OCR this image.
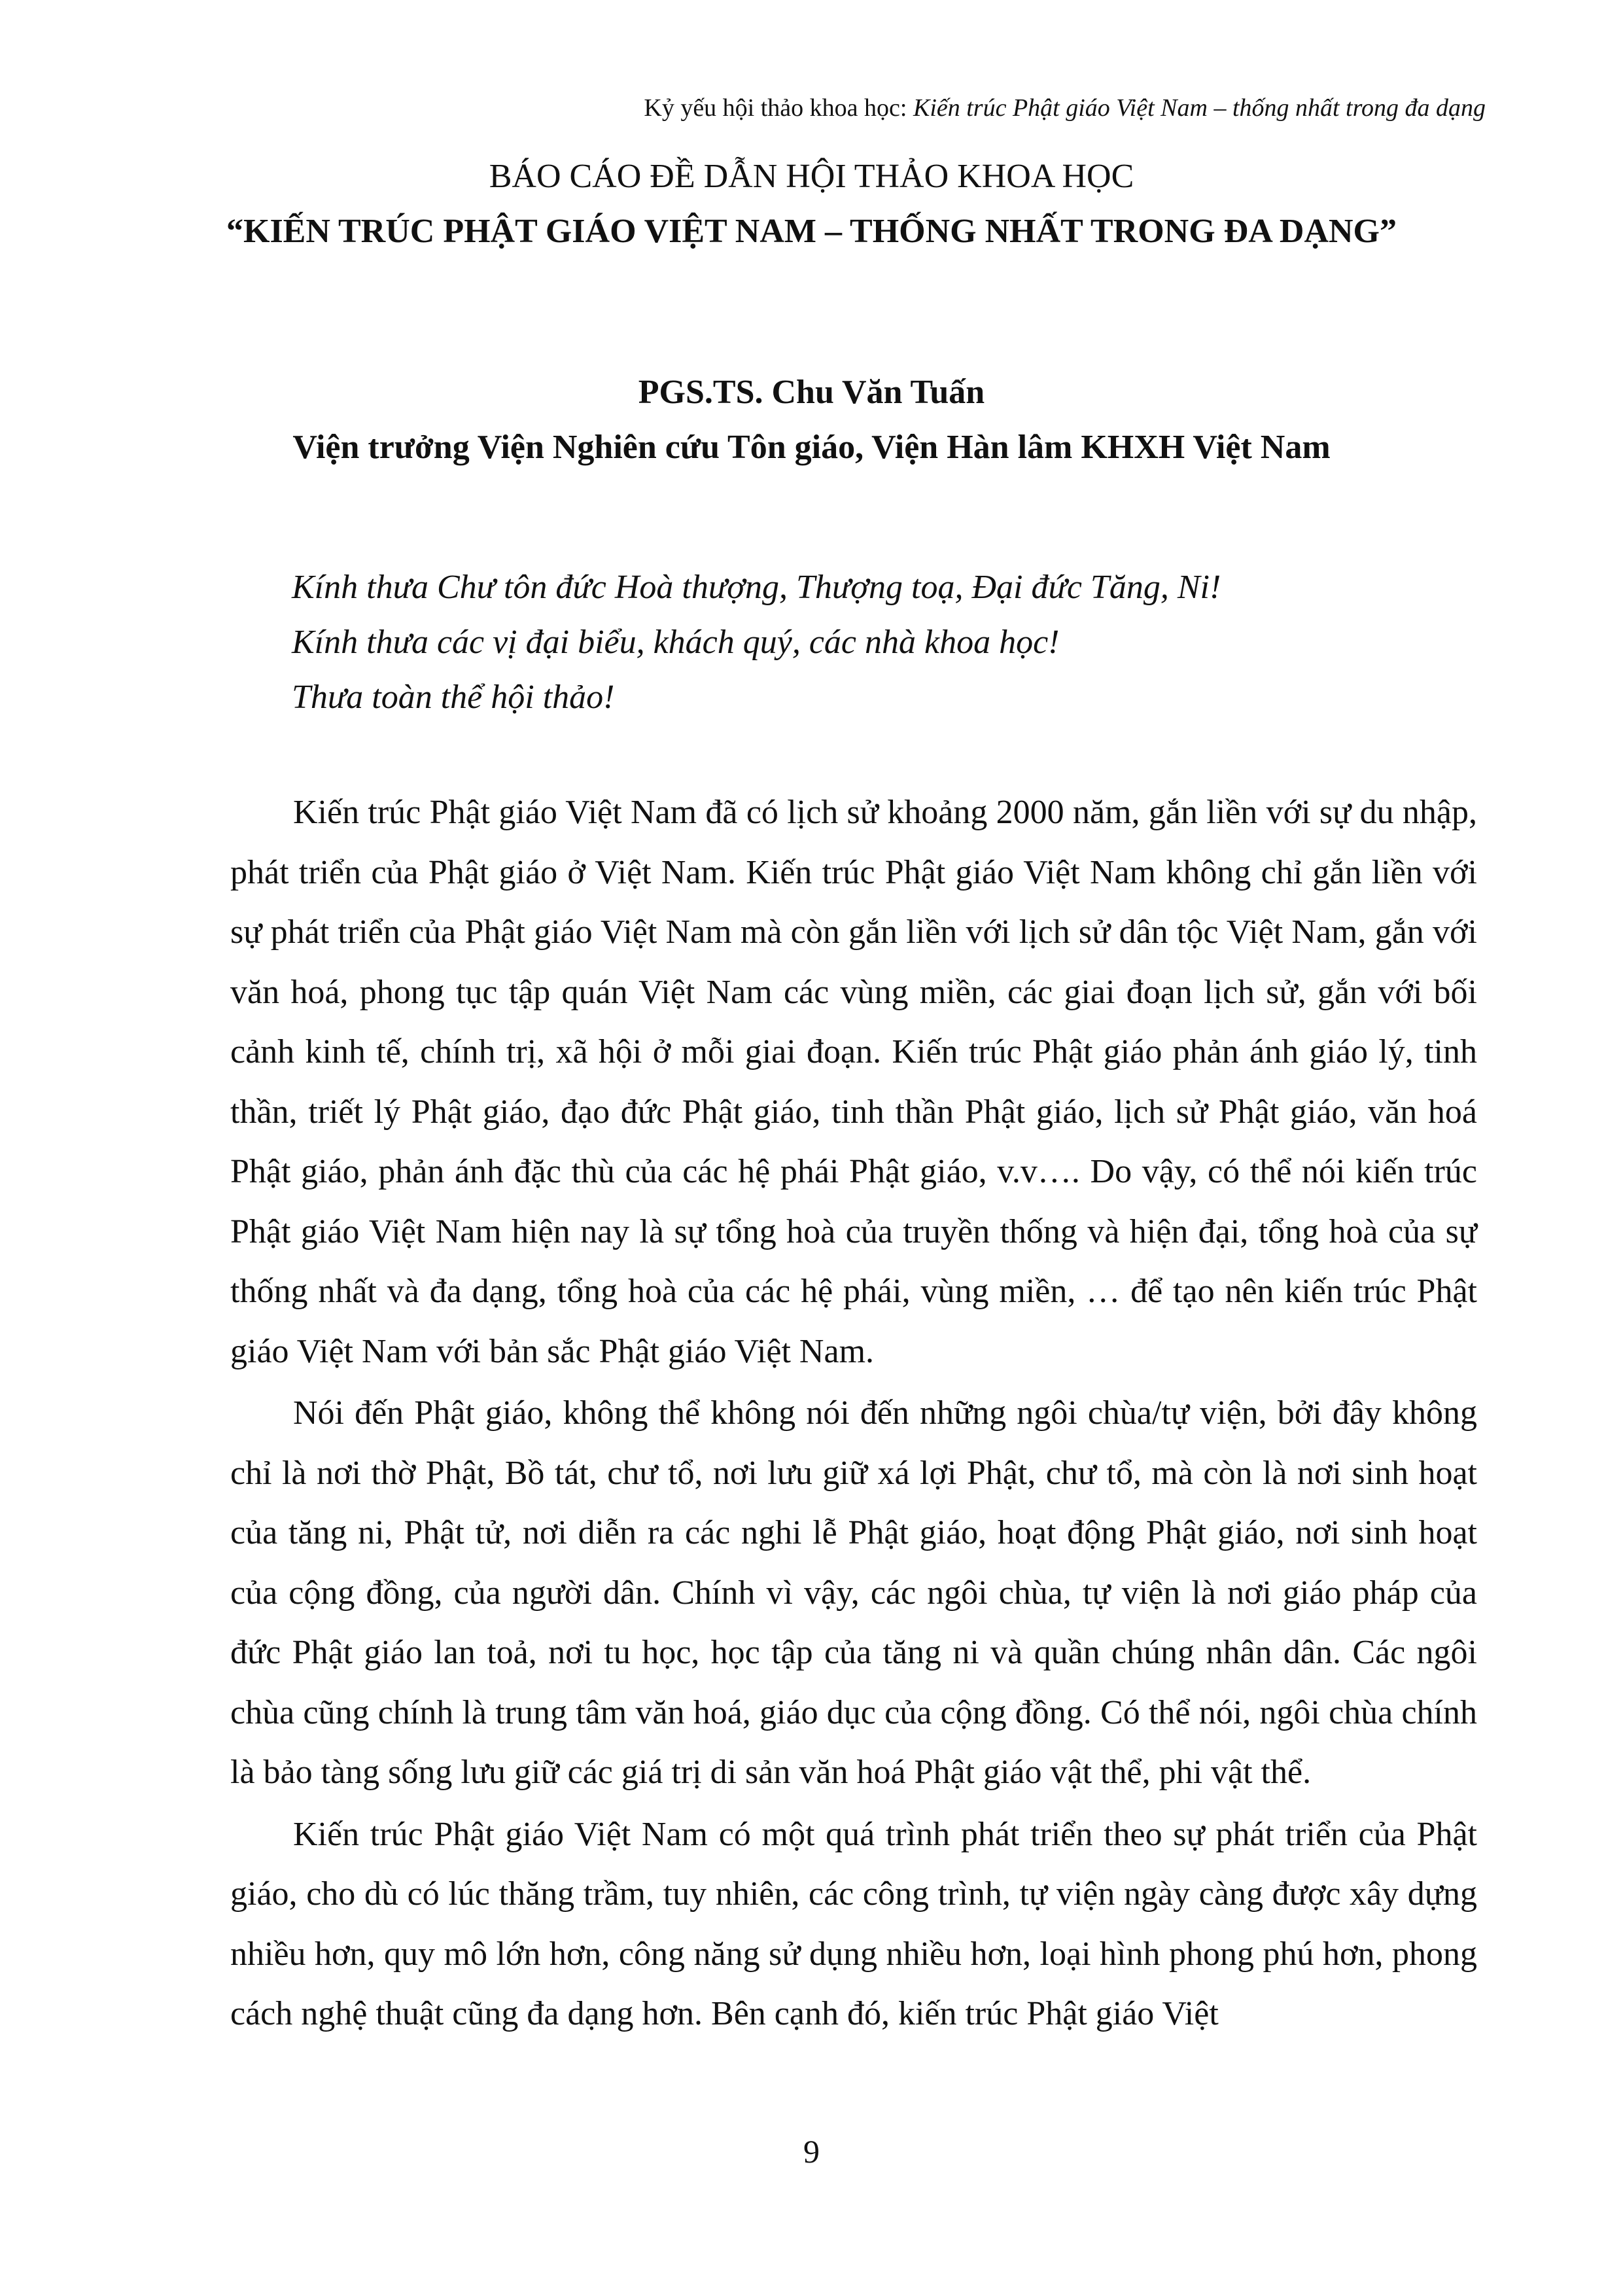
Kỷ yếu hội thảo khoa học: Kiến trúc Phật giáo Việt Nam – thống nhất trong đa dạng
BÁO CÁO ĐỀ DẪN HỘI THẢO KHOA HỌC
“KIẾN TRÚC PHẬT GIÁO VIỆT NAM – THỐNG NHẤT TRONG ĐA DẠNG”
PGS.TS. Chu Văn Tuấn
Viện trưởng Viện Nghiên cứu Tôn giáo, Viện Hàn lâm KHXH Việt Nam
Kính thưa Chư tôn đức Hoà thượng, Thượng toạ, Đại đức Tăng, Ni!
Kính thưa các vị đại biểu, khách quý, các nhà khoa học!
Thưa toàn thể hội thảo!

Kiến trúc Phật giáo Việt Nam đã có lịch sử khoảng 2000 năm, gắn liền với sự du nhập, phát triển của Phật giáo ở Việt Nam. Kiến trúc Phật giáo Việt Nam không chỉ gắn liền với sự phát triển của Phật giáo Việt Nam mà còn gắn liền với lịch sử dân tộc Việt Nam, gắn với văn hoá, phong tục tập quán Việt Nam các vùng miền, các giai đoạn lịch sử, gắn với bối cảnh kinh tế, chính trị, xã hội ở mỗi giai đoạn. Kiến trúc Phật giáo phản ánh giáo lý, tinh thần, triết lý Phật giáo, đạo đức Phật giáo, tinh thần Phật giáo, lịch sử Phật giáo, văn hoá Phật giáo, phản ánh đặc thù của các hệ phái Phật giáo, v.v…. Do vậy, có thể nói kiến trúc Phật giáo Việt Nam hiện nay là sự tổng hoà của truyền thống và hiện đại, tổng hoà của sự thống nhất và đa dạng, tổng hoà của các hệ phái, vùng miền, … để tạo nên kiến trúc Phật giáo Việt Nam với bản sắc Phật giáo Việt Nam.

Nói đến Phật giáo, không thể không nói đến những ngôi chùa/tự viện, bởi đây không chỉ là nơi thờ Phật, Bồ tát, chư tổ, nơi lưu giữ xá lợi Phật, chư tổ, mà còn là nơi sinh hoạt của tăng ni, Phật tử, nơi diễn ra các nghi lễ Phật giáo, hoạt động Phật giáo, nơi sinh hoạt của cộng đồng, của người dân. Chính vì vậy, các ngôi chùa, tự viện là nơi giáo pháp của đức Phật giáo lan toả, nơi tu học, học tập của tăng ni và quần chúng nhân dân. Các ngôi chùa cũng chính là trung tâm văn hoá, giáo dục của cộng đồng. Có thể nói, ngôi chùa chính là bảo tàng sống lưu giữ các giá trị di sản văn hoá Phật giáo vật thể, phi vật thể.

Kiến trúc Phật giáo Việt Nam có một quá trình phát triển theo sự phát triển của Phật giáo, cho dù có lúc thăng trầm, tuy nhiên, các công trình, tự viện ngày càng được xây dựng nhiều hơn, quy mô lớn hơn, công năng sử dụng nhiều hơn, loại hình phong phú hơn, phong cách nghệ thuật cũng đa dạng hơn. Bên cạnh đó, kiến trúc Phật giáo Việt

9
